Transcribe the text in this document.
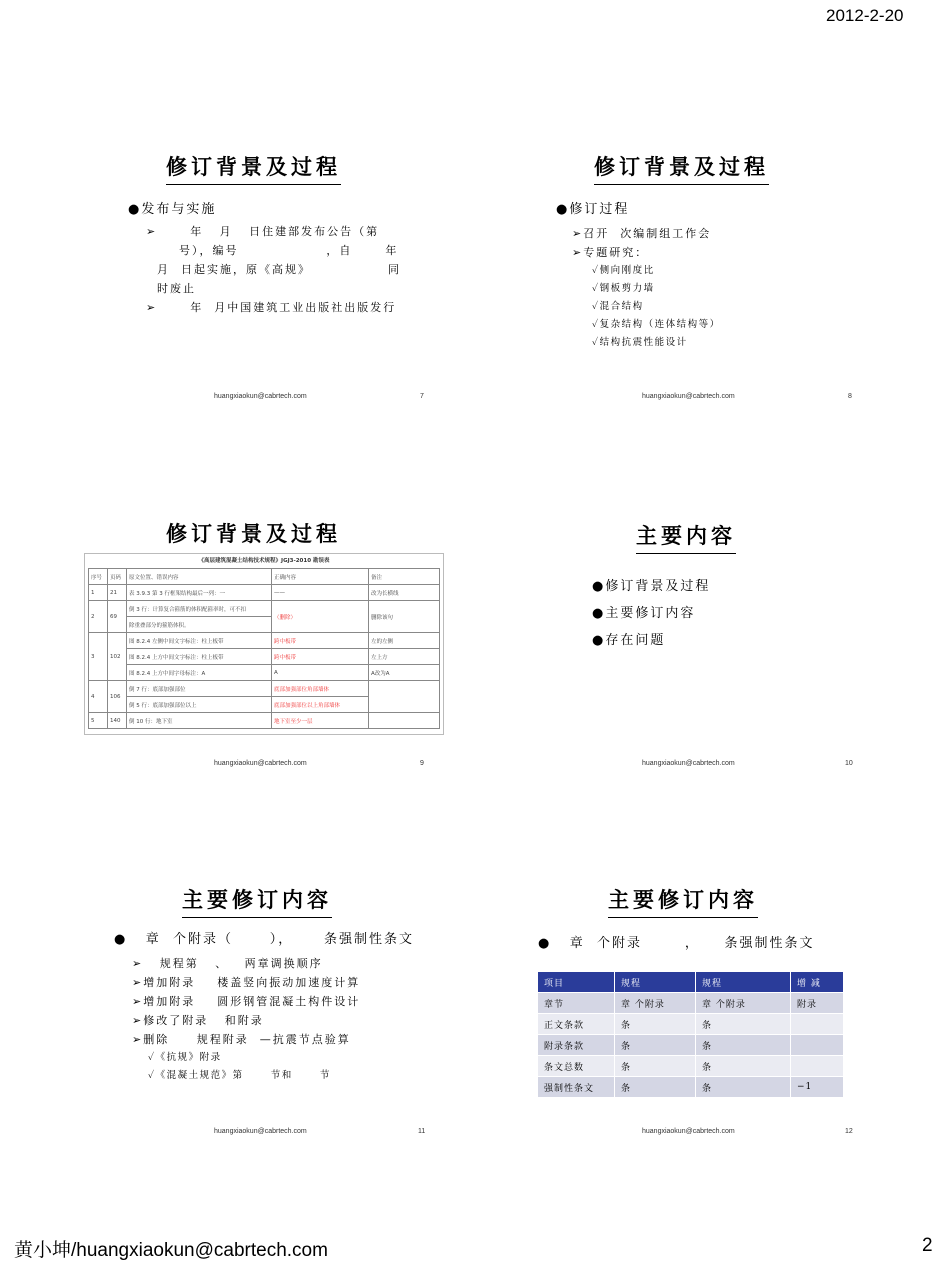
2012-2-20
修订背景及过程
●发布与实施
➢      年   月   日住建部发布公告（第
号），编号                ，自      年
月  日起实施，原《高规》              同
时废止
➢      年  月中国建筑工业出版社出版发行
huangxiaokun@cabrtech.com	7
修订背景及过程
●修订过程
➢召开  次编制组工作会
➢专题研究：
✓侧向刚度比
✓钢板剪力墙
✓混合结构
✓复杂结构（连体结构等）
✓结构抗震性能设计
huangxiaokun@cabrtech.com	8
修订背景及过程
《高层建筑混凝土结构技术规程》JGJ3-2010 勘误表
序号	页码	原文位置、错误内容	正确内容	备注
1	21	表 3.9.3 第 3 行框架结构最后一列：一	——	改为长横线
2	69	倒 3 行：计算复合箍筋的体积配箍率时，可不扣	（删除）	删除该句
		除重叠部分的箍筋体积。		
3	102	图 8.2.4 左侧中间文字标注：柱上板带	跨中板带	左的左侧
		图 8.2.4 上方中间文字标注：柱上板带	跨中板带	左上方
		图 8.2.4 上方中间字母标注：A	A	A改为A
4	106	倒 7 行：底部加强部位	底部加强部位角部墙体	
		倒 5 行：底部加强部位以上	底部加强部位以上角部墙体	
5	140	倒 10 行：地下室	地下室至少一层	
huangxiaokun@cabrtech.com	9
主要内容
●修订背景及过程
●主要修订内容
●存在问题
huangxiaokun@cabrtech.com	10
主要修订内容
●   章  个附录（      ），     条强制性条文
➢   规程第   、   两章调换顺序
➢增加附录    楼盖竖向振动加速度计算
➢增加附录    圆形钢管混凝土构件设计
➢修改了附录   和附录
➢删除     规程附录  —抗震节点验算
✓《抗规》附录
✓《混凝土规范》第      节和      节
huangxiaokun@cabrtech.com	11
主要修订内容
●   章  个附录       ，    条强制性条文
项目	规程	规程	增 减
章节	章 个附录	章 个附录	附录
正文条款	条	条	
附录条款	条	条	
条文总数	条	条	
强制性条文	条	条	−1
huangxiaokun@cabrtech.com	12
黄小坤/huangxiaokun@cabrtech.com	2
